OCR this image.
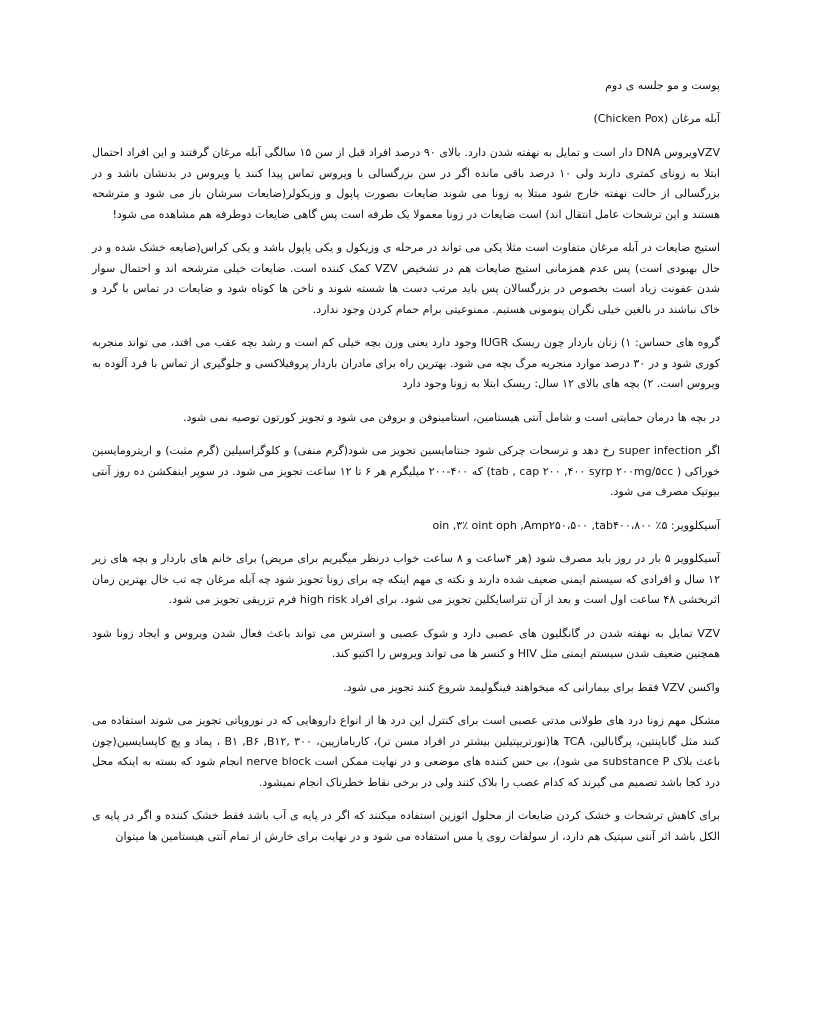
پوست و مو جلسه ی دوم

آبله مرغان (Chicken Pox)

VZVویروس DNA دار است و تمایل به نهفته شدن دارد. بالای ۹۰ درصد افراد قبل از سن ۱۵ سالگی آبله مرغان گرفتند و این افراد احتمال ابتلا به زونای کمتری دارند ولی ۱۰ درصد باقی مانده اگر در سن بزرگسالی با ویروس تماس پیدا کنند یا ویروس در بدنشان باشد و در بزرگسالی از حالت نهفته خارج شود مبتلا به زونا می شوند ضایعات بصورت پاپول و وزیکولر(ضایعات سرشان باز می شود و مترشحه هستند و این ترشحات عامل انتقال اند) است ضایعات در زونا معمولا یک طرفه است پس گاهی ضایعات دوطرفه هم مشاهده می شود!

استیج ضایعات در آبله مرغان متفاوت است مثلا یکی می تواند در مرحله ی وزیکول و یکی پاپول باشد و یکی کراس(ضایعه خشک شده و در حال بهبودی است) پس عدم همزمانی استیج ضایعات هم در تشخیص VZV کمک کننده است. ضایعات خیلی مترشحه اند و احتمال سوار شدن عفونت زیاد است بخصوص در بزرگسالان پس باید مرتب دست ها شسته شوند و ناخن ها کوتاه شود و ضایعات در تماس با گرد و خاک نباشند در بالغین خیلی نگران پنومونی هستیم. ممنوعیتی برام حمام کردن وجود ندارد.

گروه های حساس: ۱) زنان باردار چون ریسک IUGR وجود دارد یعنی وزن بچه خیلی کم است و رشد بچه عقب می افتد، می تواند منجربه کوری شود و در ۳۰ درصد موارد منجربه مرگ بچه می شود. بهترین راه برای مادران باردار پروفیلاکسی و جلوگیری از تماس با فرد آلوده به ویروس است. ۲) بچه های بالای ۱۲ سال: ریسک ابتلا به زونا وجود دارد

در بچه ها درمان حمایتی است و شامل آنتی هیستامین، استامینوفن و بروفن می شود و تجویز کورتون توصیه نمی شود.

اگر super infection رخ دهد و ترسحات چرکی شود جنتامایسین تجویز می شود(گرم منفی) و کلوگزاسیلین (گرم مثبت) و اریترومایسین خوراکی ( tab , cap ۲۰۰ ,۴۰۰ syrp ۲۰۰mg/۵cc) که ۴۰۰-۲۰۰ میلیگرم هر ۶ تا ۱۲ ساعت تجویز می شود. در سوپر اینفکشن ده روز آنتی بیوتیک مصرف می شود.

آسیکلوویر: ۵٪ oin ,۳٪ oint oph ,Amp۲۵۰،۵۰۰ ,tab۴۰۰،۸۰۰

آسیکلوویر ۵ بار در روز باید مصرف شود (هر ۴ساعت و ۸ ساعت خواب درنظر میگیریم برای مریض) برای خانم های باردار و بچه های زیر ۱۲ سال و افرادی که سیستم ایمنی ضعیف شده دارند و نکته ی مهم اینکه چه برای زونا تجویز شود چه آبله مرغان چه تب خال بهترین زمان اثربخشی ۴۸ ساعت اول است و بعد از آن تتراسایکلین تجویز می شود. برای افراد high risk فرم تزریقی تجویز می شود.

VZV تمایل به نهفته شدن در گانگلیون های عصبی دارد و شوک عصبی و استرس می تواند باعث فعال شدن ویروس و ایجاد زونا شود همچنین ضعیف شدن سیستم ایمنی مثل HIV و کنسر ها می تواند ویروس را اکتیو کند.

واکسن VZV فقط برای بیمارانی که میخواهند فینگولیمد شروع کنند تجویز می شود.

مشکل مهم زونا درد های طولانی مدتی عصبی است برای کنترل این درد ها از انواع داروهایی که در نوروپاتی تجویز می شوند استفاده می کنند مثل گاباپنتین، پرگابالین، TCA ها(نورتریپتیلین بیشتر در افراد مسن تر)، کاربامازپین، ۳۰۰ ,B۱ ,B۶ ,B۱۲ ، پماد و پچ کاپسایسین(چون باعث بلاک substance P می شود)، بی حس کننده های موضعی و در نهایت ممکن است nerve block انجام شود که بسته به اینکه محل درد کجا باشد تصمیم می گیرند که کدام عصب را بلاک کنند ولی در برخی نقاط خطرناک انجام نمیشود.

برای کاهش ترشحات و خشک کردن ضایعات از محلول اثوزین استفاده میکنند که اگر در پایه ی آب باشد فقط خشک کننده و اگر در پایه ی الکل باشد اثر آنتی سپتیک هم دارد، از سولفات روی یا مس استفاده می شود و در نهایت برای خارش از تمام آنتی هیستامین ها میتوان
